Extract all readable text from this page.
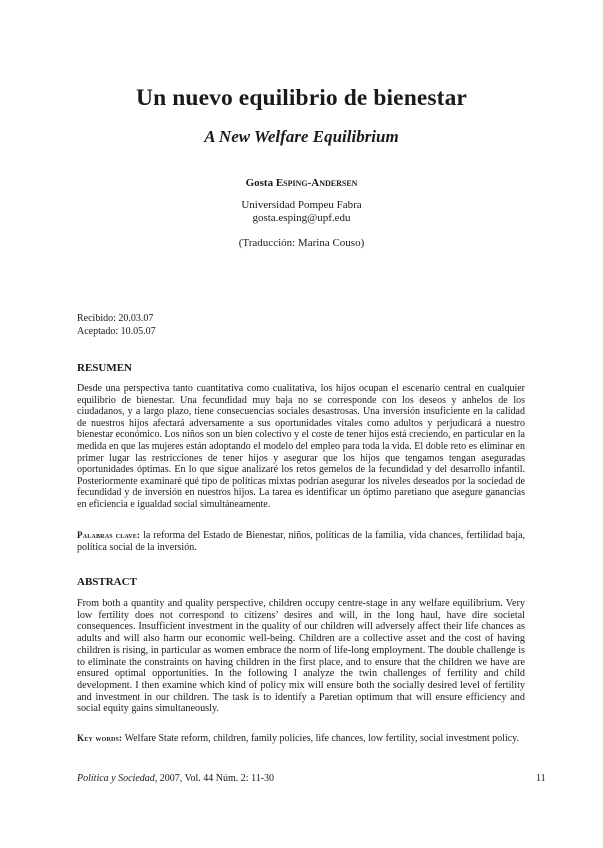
Un nuevo equilibrio de bienestar
A New Welfare Equilibrium
Gosta Esping-Andersen
Universidad Pompeu Fabra
gosta.esping@upf.edu
(Traducción: Marina Couso)
Recibido: 20.03.07
Aceptado: 10.05.07
RESUMEN
Desde una perspectiva tanto cuantitativa como cualitativa, los hijos ocupan el escenario central en cualquier equilibrio de bienestar. Una fecundidad muy baja no se corresponde con los deseos y anhelos de los ciudadanos, y a largo plazo, tiene consecuencias sociales desastrosas. Una inversión insuficiente en la calidad de nuestros hijos afectará adversamente a sus oportunidades vitales como adultos y perjudicará a nuestro bienestar económico. Los niños son un bien colectivo y el coste de tener hijos está creciendo, en particular en la medida en que las mujeres están adoptando el modelo del empleo para toda la vida. El doble reto es eliminar en primer lugar las restricciones de tener hijos y asegurar que los hijos que tengamos tengan aseguradas oportunidades óptimas. En lo que sigue analizaré los retos gemelos de la fecundidad y del desarrollo infantil. Posteriormente examinaré qué tipo de políticas mixtas podrían asegurar los niveles deseados por la sociedad de fecundidad y de inversión en nuestros hijos. La tarea es identificar un óptimo paretiano que asegure ganancias en eficiencia e igualdad social simultáneamente.
Palabras clave: la reforma del Estado de Bienestar, niños, políticas de la familia, vida chances, fertilidad baja, política social de la inversión.
ABSTRACT
From both a quantity and quality perspective, children occupy centre-stage in any welfare equilibrium. Very low fertility does not correspond to citizens’ desires and will, in the long haul, have dire societal consequences. Insufficient investment in the quality of our children will adversely affect their life chances as adults and will also harm our economic well-being. Children are a collective asset and the cost of having children is rising, in particular as women embrace the norm of life-long employment. The double challenge is to eliminate the constraints on having children in the first place, and to ensure that the children we have are ensured optimal opportunities. In the following I analyze the twin challenges of fertility and child development. I then examine which kind of policy mix will ensure both the socially desired level of fertility and investment in our children. The task is to identify a Paretian optimum that will ensure efficiency and social equity gains simultaneously.
Key words: Welfare State reform, children, family policies, life chances, low fertility, social investment policy.
Política y Sociedad, 2007, Vol. 44 Núm. 2: 11-30	11
